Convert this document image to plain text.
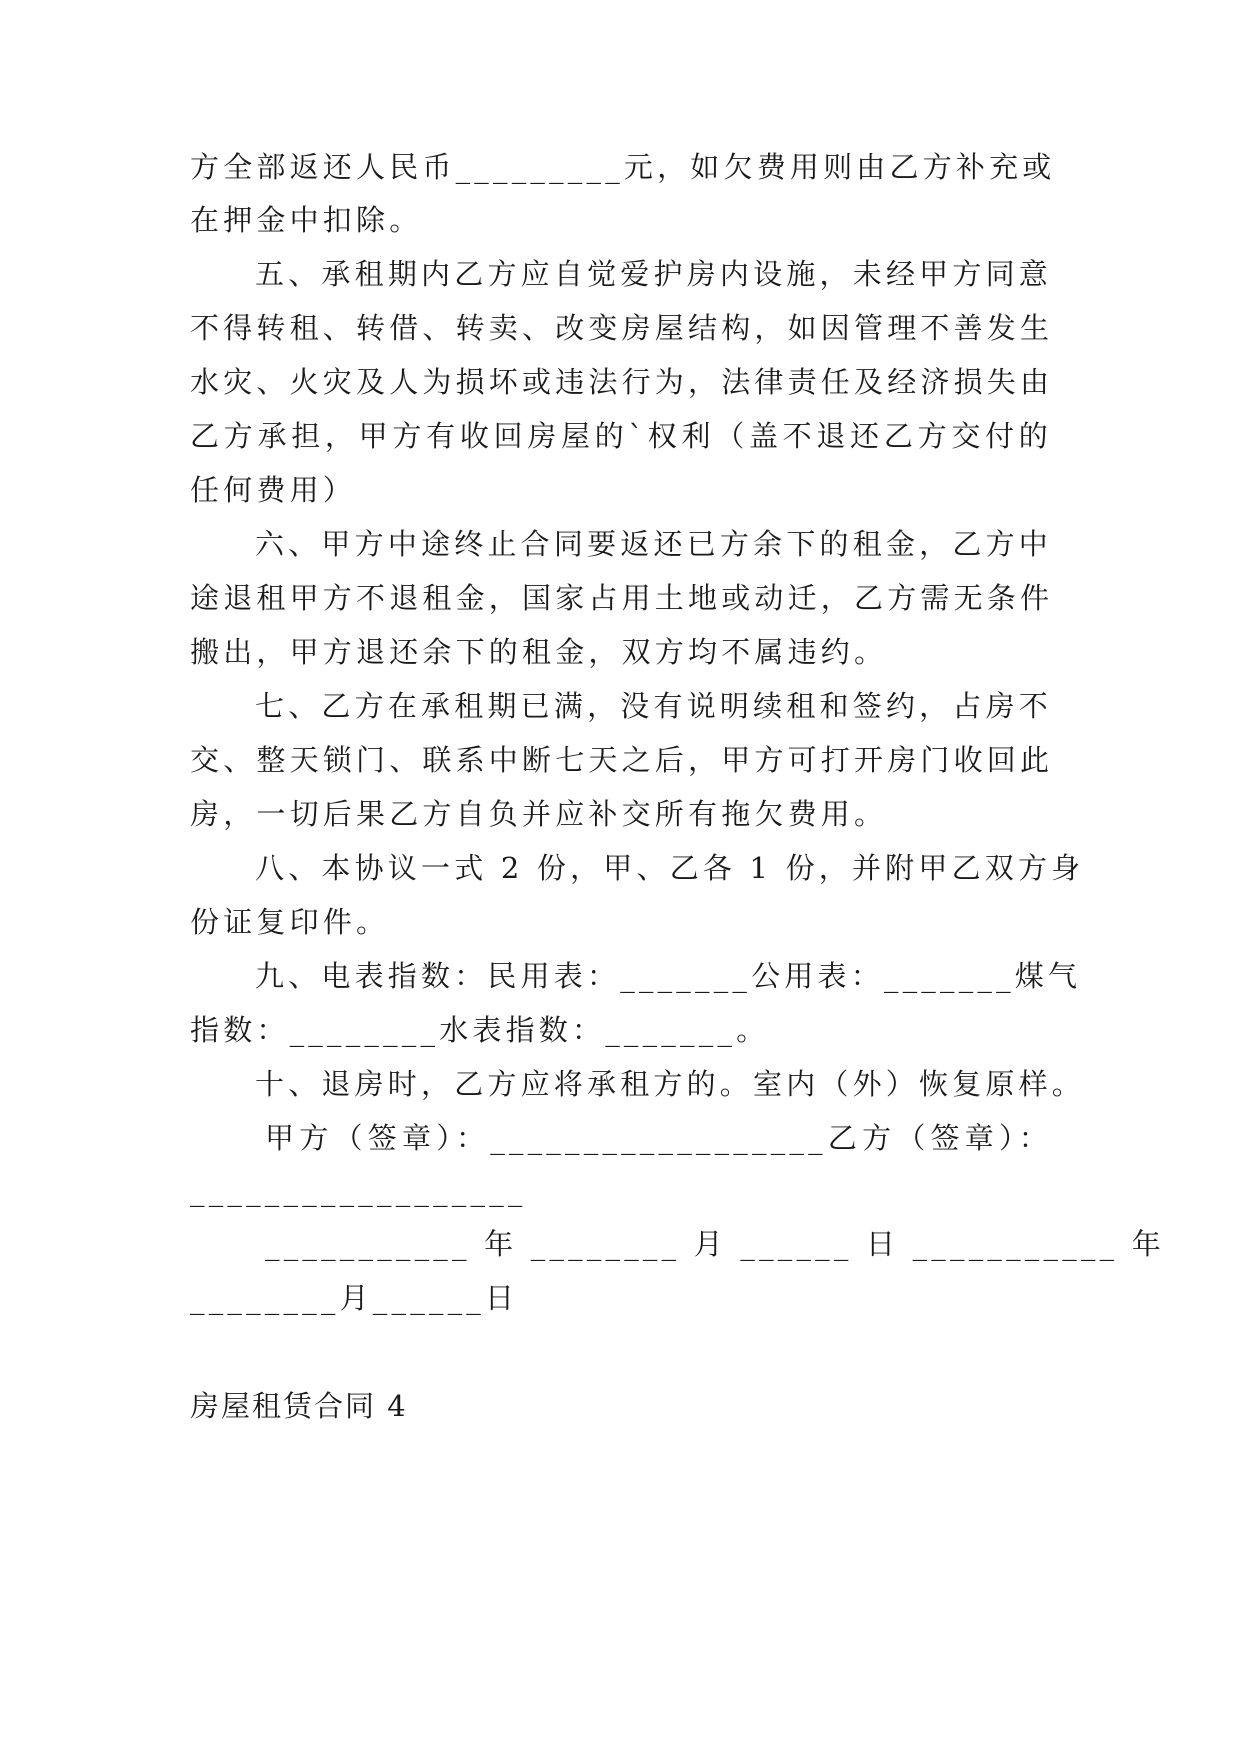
方全部返还人民币_________元，如欠费用则由乙方补充或
在押金中扣除。
五、承租期内乙方应自觉爱护房内设施，未经甲方同意
不得转租、转借、转卖、改变房屋结构，如因管理不善发生
水灾、火灾及人为损坏或违法行为，法律责任及经济损失由
乙方承担，甲方有收回房屋的`权利（盖不退还乙方交付的
任何费用）
六、甲方中途终止合同要返还已方余下的租金，乙方中
途退租甲方不退租金，国家占用土地或动迁，乙方需无条件
搬出，甲方退还余下的租金，双方均不属违约。
七、乙方在承租期已满，没有说明续租和签约，占房不
交、整天锁门、联系中断七天之后，甲方可打开房门收回此
房，一切后果乙方自负并应补交所有拖欠费用。
八、本协议一式 2 份，甲、乙各 1 份，并附甲乙双方身
份证复印件。
九、电表指数：民用表：_______公用表：_______煤气
指数：________水表指数：_______。
十、退房时，乙方应将承租方的。室内（外）恢复原样。
甲方（签章）：__________________乙方（签章）：
__________________
___________ 年 ________ 月 ______ 日 ___________ 年
________月______日
房屋租赁合同 4
